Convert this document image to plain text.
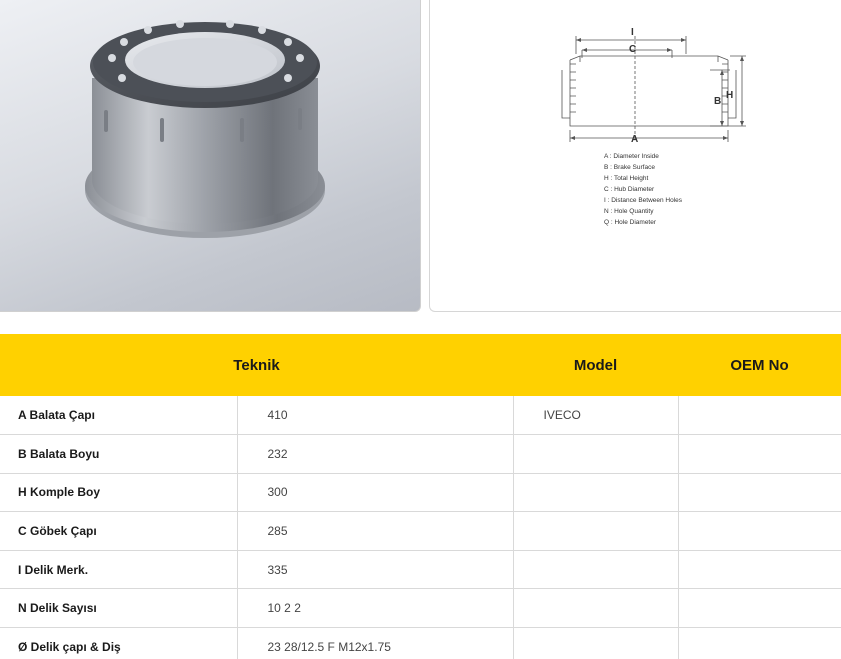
I
C
A
B
H
A : Diameter Inside
B : Brake Surface
H : Total Height
C : Hub Diameter
I : Distance Between Holes
N : Hole Quantity
Q : Hole Diameter
Teknik		Model	OEM No
A Balata Çapı	410	IVECO	
B Balata Boyu	232		
H Komple Boy	300		
C Göbek Çapı	285		
I Delik Merk.	335		
N Delik Sayısı	10 2 2		
Ø Delik çapı & Diş	23 28/12.5 F M12x1.75		
